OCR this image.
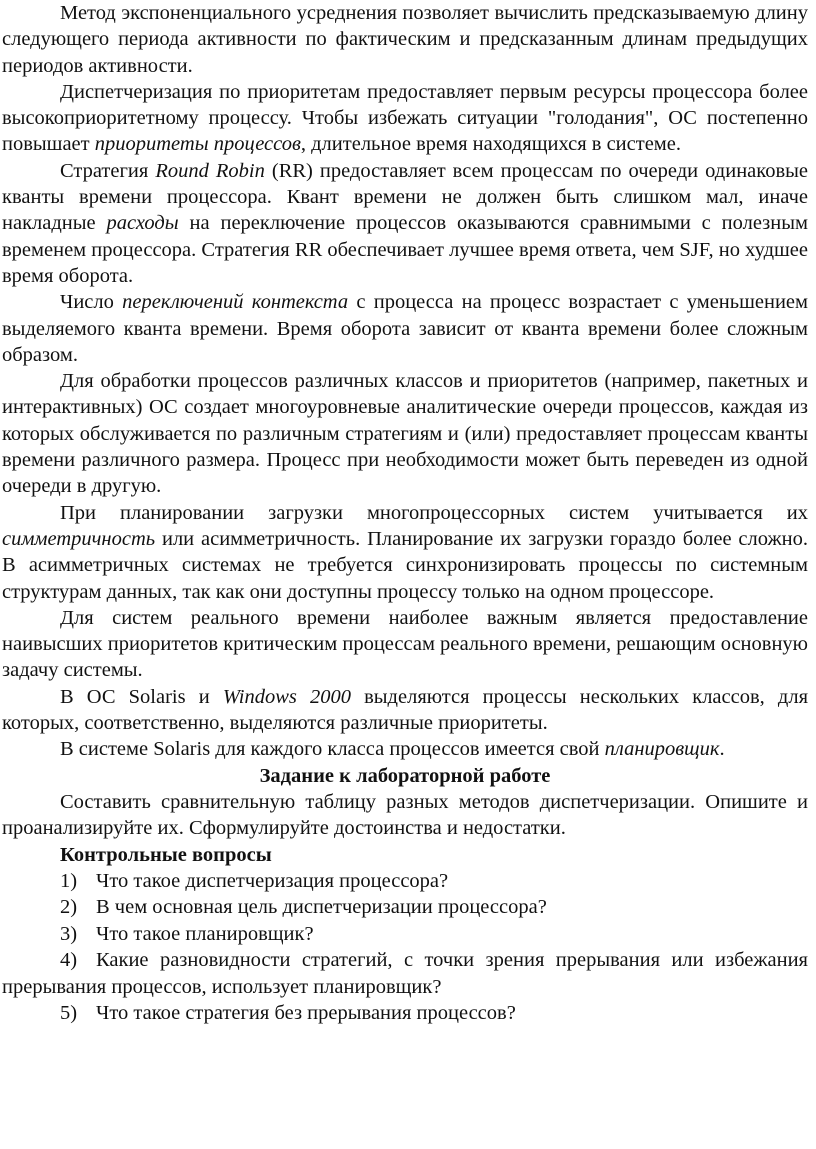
Метод экспоненциального усреднения позволяет вычислить предсказываемую длину следующего периода активности по фактическим и предсказанным длинам предыдущих периодов активности.

Диспетчеризация по приоритетам предоставляет первым ресурсы процессора более высокоприоритетному процессу. Чтобы избежать ситуации "голодания", ОС постепенно повышает приоритеты процессов, длительное время находящихся в системе.

Стратегия Round Robin (RR) предоставляет всем процессам по очереди одинаковые кванты времени процессора. Квант времени не должен быть слишком мал, иначе накладные расходы на переключение процессов оказываются сравнимыми с полезным временем процессора. Стратегия RR обеспечивает лучшее время ответа, чем SJF, но худшее время оборота.

Число переключений контекста с процесса на процесс возрастает с уменьшением выделяемого кванта времени. Время оборота зависит от кванта времени более сложным образом.

Для обработки процессов различных классов и приоритетов (например, пакетных и интерактивных) ОС создает многоуровневые аналитические очереди процессов, каждая из которых обслуживается по различным стратегиям и (или) предоставляет процессам кванты времени различного размера. Процесс при необходимости может быть переведен из одной очереди в другую.

При планировании загрузки многопроцессорных систем учитывается их симметричность или асимметричность. Планирование их загрузки гораздо более сложно. В асимметричных системах не требуется синхронизировать процессы по системным структурам данных, так как они доступны процессу только на одном процессоре.

Для систем реального времени наиболее важным является предоставление наивысших приоритетов критическим процессам реального времени, решающим основную задачу системы.

В ОС Solaris и Windows 2000 выделяются процессы нескольких классов, для которых, соответственно, выделяются различные приоритеты.

В системе Solaris для каждого класса процессов имеется свой планировщик.

Задание к лабораторной работе

Составить сравнительную таблицу разных методов диспетчеризации. Опишите и проанализируйте их. Сформулируйте достоинства и недостатки.

Контрольные вопросы

1) Что такое диспетчеризация процессора?

2) В чем основная цель диспетчеризации процессора?

3) Что такое планировщик?

4) Какие разновидности стратегий, с точки зрения прерывания или избежания прерывания процессов, использует планировщик?

5) Что такое стратегия без прерывания процессов?
